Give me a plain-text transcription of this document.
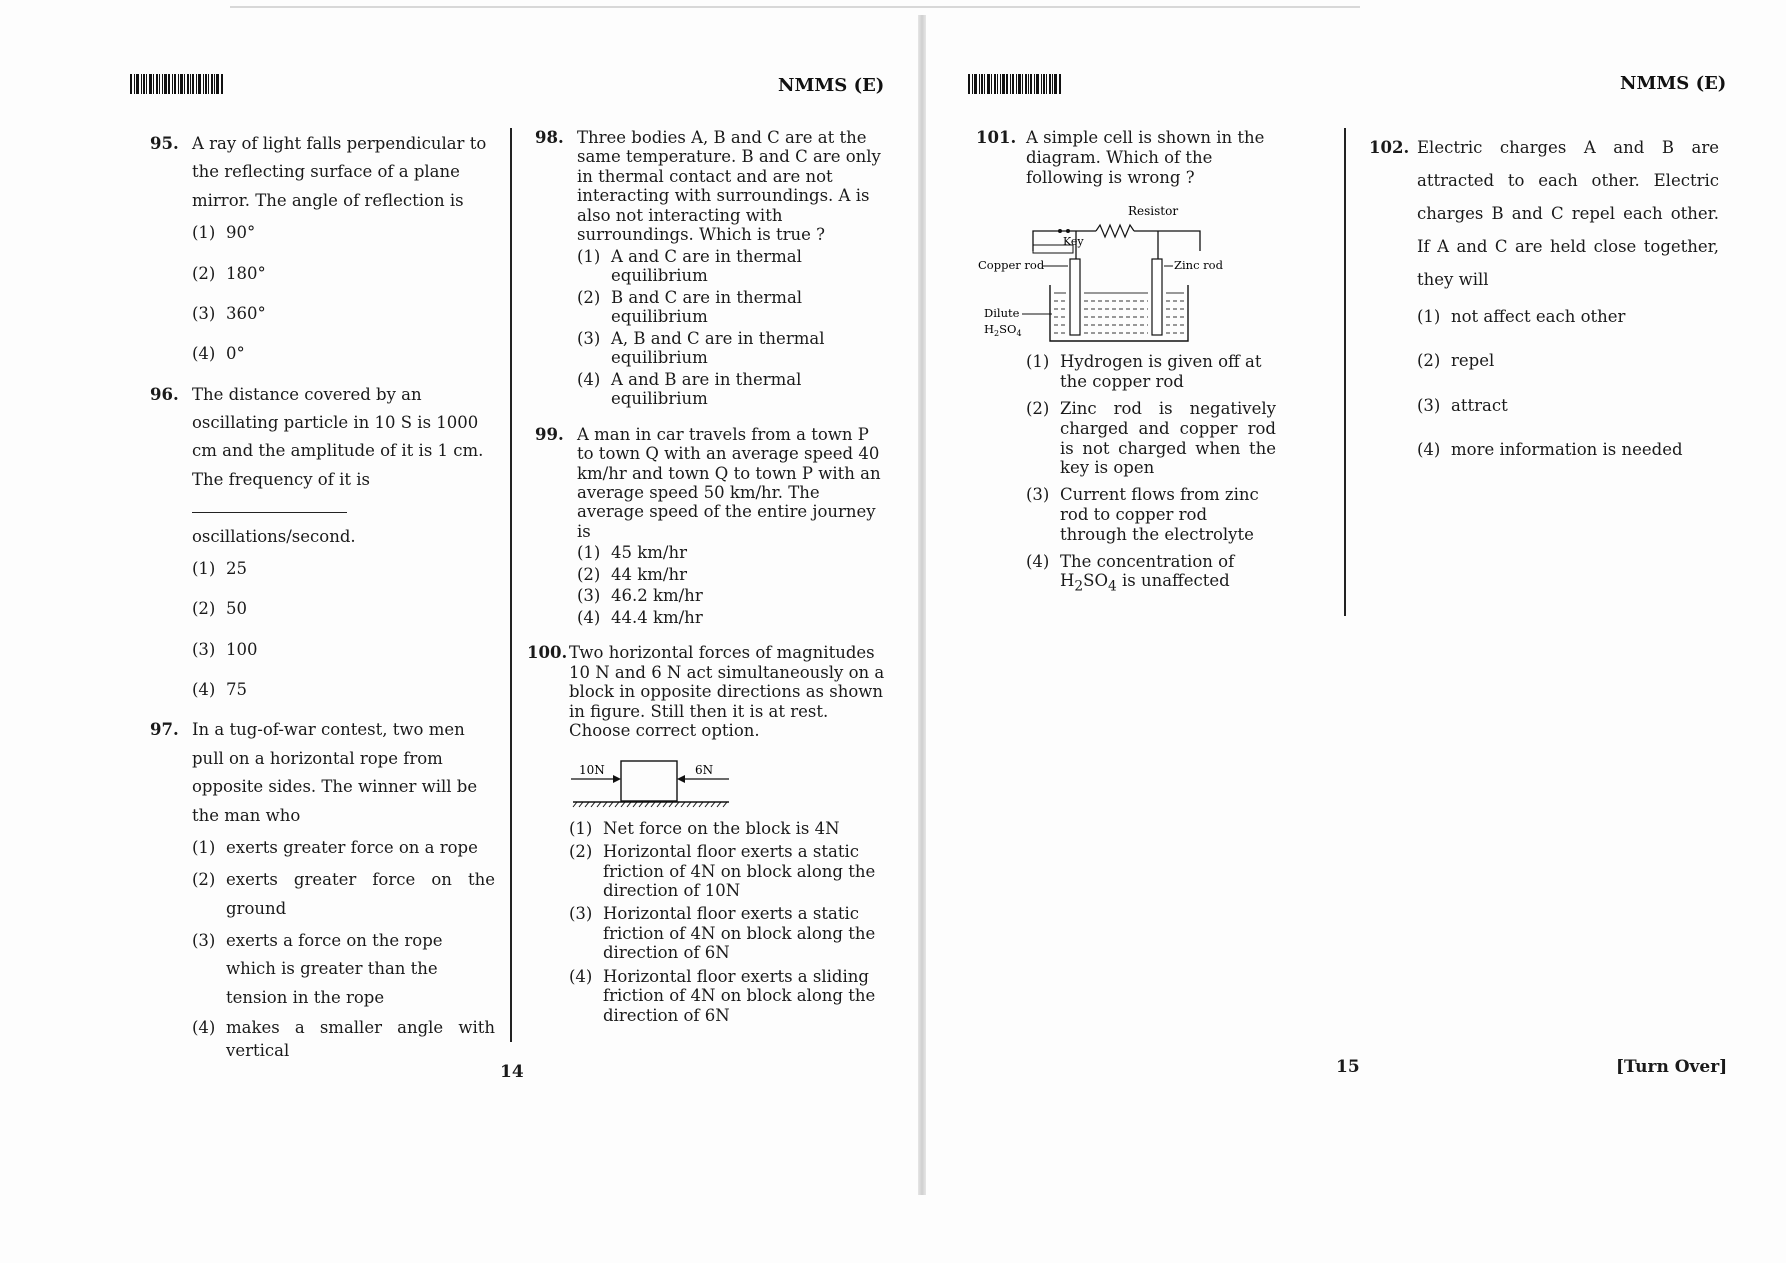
NMMS (E)
95. A ray of light falls perpendicular to the reflecting surface of a plane mirror. The angle of reflection is
(1) 90°
(2) 180°
(3) 360°
(4) 0°
96. The distance covered by an oscillating particle in 10 S is 1000 cm and the amplitude of it is 1 cm. The frequency of it is  oscillations/second.
(1) 25
(2) 50
(3) 100
(4) 75
97. In a tug-of-war contest, two men pull on a horizontal rope from opposite sides. The winner will be the man who
(1) exerts greater force on a rope
(2) exerts greater force on the ground
(3) exerts a force on the rope which is greater than the tension in the rope
(4) makes a smaller angle with vertical
98. Three bodies A, B and C are at the same temperature. B and C are only in thermal contact and are not interacting with surroundings. A is also not interacting with surroundings. Which is true ?
(1) A and C are in thermal equilibrium
(2) B and C are in thermal equilibrium
(3) A, B and C are in thermal equilibrium
(4) A and B are in thermal equilibrium
99. A man in car travels from a town P to town Q with an average speed 40 km/hr and town Q to town P with an average speed 50 km/hr. The average speed of the entire journey is
(1) 45 km/hr
(2) 44 km/hr
(3) 46.2 km/hr
(4) 44.4 km/hr
100. Two horizontal forces of magnitudes 10 N and 6 N act simultaneously on a block in opposite directions as shown in figure. Still then it is at rest. Choose correct option.
10N	6N
(1) Net force on the block is 4N
(2) Horizontal floor exerts a static friction of 4N on block along the direction of 10N
(3) Horizontal floor exerts a static friction of 4N on block along the direction of 6N
(4) Horizontal floor exerts a sliding friction of 4N on block along the direction of 6N
14
NMMS (E)
101. A simple cell is shown in the diagram. Which of the following is wrong ?
Resistor
Key
Copper rod	Zinc rod
Dilute
$H_2SO_4$
(1) Hydrogen is given off at the copper rod
(2) Zinc rod is negatively charged and copper rod is not charged when the key is open
(3) Current flows from zinc rod to copper rod through the electrolyte
(4) The concentration of $H_2SO_4$ is unaffected
102. Electric charges A and B are attracted to each other. Electric charges B and C repel each other. If A and C are held close together, they will
(1) not affect each other
(2) repel
(3) attract
(4) more information is needed
15	[Turn Over]
